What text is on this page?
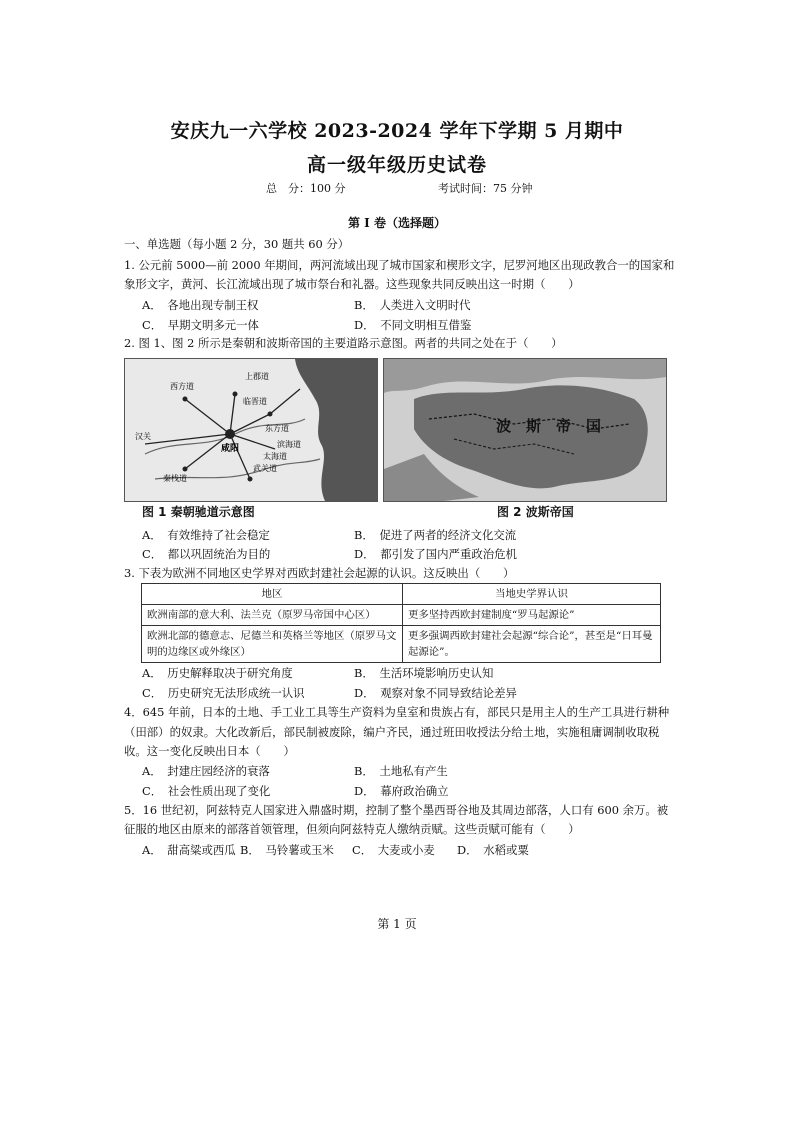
安庆九一六学校 2023-2024 学年下学期 5 月期中
高一级年级历史试卷
总　分：100 分	考试时间：75 分钟
第 I 卷（选择题）
一、单选题（每小题 2 分，30 题共 60 分）
1. 公元前 5000—前 2000 年期间，两河流域出现了城市国家和楔形文字，尼罗河地区出现政教合一的国家和
象形文字，黄河、长江流域出现了城市祭台和礼器。这些现象共同反映出这一时期（　　）
A．　各地出现专制王权	B．　人类进入文明时代
C．　早期文明多元一体	D．　不同文明相互借鉴
2. 图 1、图 2 所示是秦朝和波斯帝国的主要道路示意图。两者的共同之处在于（　　）
西方道
上郡道
临晋道
东方道
滨海道
太海道
咸阳
武关道
秦栈道
汉关
波　斯　帝　国
图 1 秦朝驰道示意图	图 2 波斯帝国
A．　有效维持了社会稳定	B．　促进了两者的经济文化交流
C．　都以巩固统治为目的	D．　都引发了国内严重政治危机
3. 下表为欧洲不同地区史学界对西欧封建社会起源的认识。这反映出（　　）
地区	当地史学界认识
欧洲南部的意大利、法兰克（原罗马帝国中心区）	更多坚持西欧封建制度“罗马起源论”
欧洲北部的德意志、尼德兰和英格兰等地区（原罗马文明的边缘区或外缘区）	更多强调西欧封建社会起源“综合论”，甚至是“日耳曼起源论”。
A．　历史解释取决于研究角度	B．　生活环境影响历史认知
C．　历史研究无法形成统一认识	D．　观察对象不同导致结论差异
4．645 年前，日本的土地、手工业工具等生产资料为皇室和贵族占有，部民只是用主人的生产工具进行耕种
（田部）的奴隶。大化改新后，部民制被废除，编户齐民，通过班田收授法分给土地，实施租庸调制收取税
收。这一变化反映出日本（　　）
A．　封建庄园经济的衰落	B．　土地私有产生
C．　社会性质出现了变化	D．　幕府政治确立
5．16 世纪初，阿兹特克人国家进入鼎盛时期，控制了整个墨西哥谷地及其周边部落，人口有 600 余万。被
征服的地区由原来的部落首领管理，但须向阿兹特克人缴纳贡赋。这些贡赋可能有（　　）
A．　甜高粱或西瓜 B．　马铃薯或玉米 C．　大麦或小麦 D．　水稻或粟
第 1 页
